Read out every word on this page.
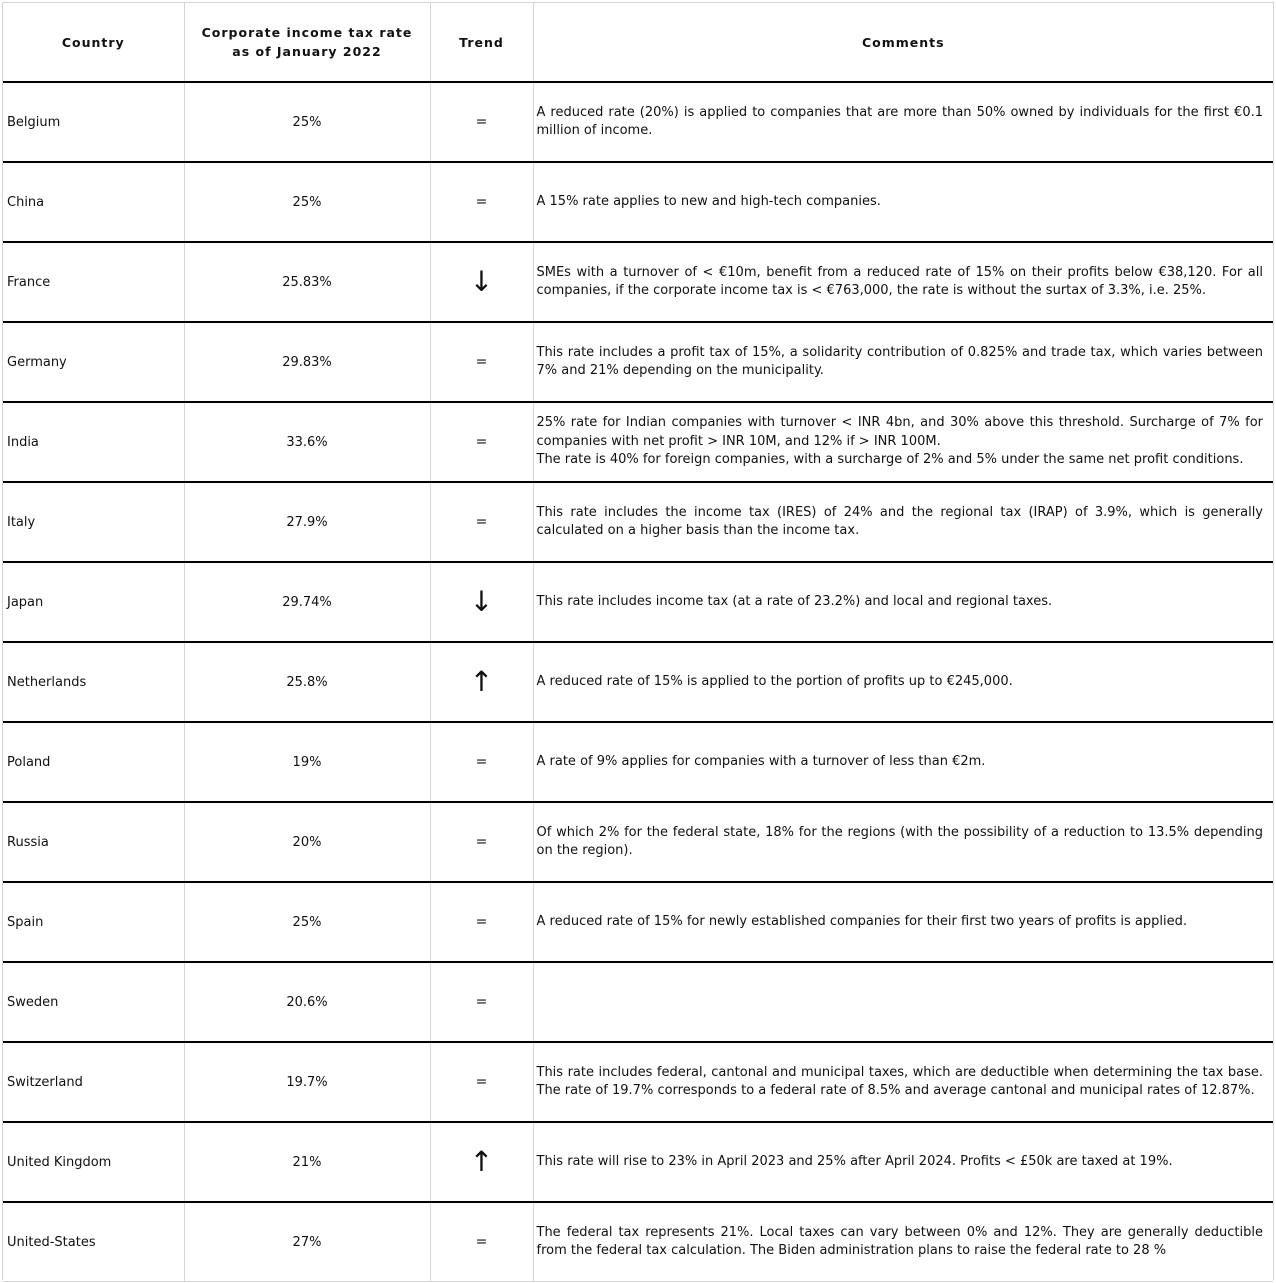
Country	Corporate income tax rate as of January 2022	Trend	Comments
Belgium	25%	=	A reduced rate (20%) is applied to companies that are more than 50% owned by individuals for the first €0.1 million of income.

China	25%	=	A 15% rate applies to new and high-tech companies.

France	25.83%	↓	SMEs with a turnover of < €10m, benefit from a reduced rate of 15% on their profits below €38,120. For all companies, if the corporate income tax is < €763,000, the rate is without the surtax of 3.3%, i.e. 25%.

Germany	29.83%	=	This rate includes a profit tax of 15%, a solidarity contribution of 0.825% and trade tax, which varies between 7% and 21% depending on the municipality.

India	33.6%	=	25% rate for Indian companies with turnover < INR 4bn, and 30% above this threshold. Surcharge of 7% for companies with net profit > INR 10M, and 12% if > INR 100M.
The rate is 40% for foreign companies, with a surcharge of 2% and 5% under the same net profit conditions.

Italy	27.9%	=	This rate includes the income tax (IRES) of 24% and the regional tax (IRAP) of 3.9%, which is generally calculated on a higher basis than the income tax.

Japan	29.74%	↓	This rate includes income tax (at a rate of 23.2%) and local and regional taxes.

Netherlands	25.8%	↑	A reduced rate of 15% is applied to the portion of profits up to €245,000.

Poland	19%	=	A rate of 9% applies for companies with a turnover of less than €2m.

Russia	20%	=	Of which 2% for the federal state, 18% for the regions (with the possibility of a reduction to 13.5% depending on the region).

Spain	25%	=	A reduced rate of 15% for newly established companies for their first two years of profits is applied.

Sweden	20.6%	=	

Switzerland	19.7%	=	This rate includes federal, cantonal and municipal taxes, which are deductible when determining the tax base. The rate of 19.7% corresponds to a federal rate of 8.5% and average cantonal and municipal rates of 12.87%.

United Kingdom	21%	↑	This rate will rise to 23% in April 2023 and 25% after April 2024. Profits < £50k are taxed at 19%.

United-States	27%	=	The federal tax represents 21%. Local taxes can vary between 0% and 12%. They are generally deductible from the federal tax calculation. The Biden administration plans to raise the federal rate to 28 %
